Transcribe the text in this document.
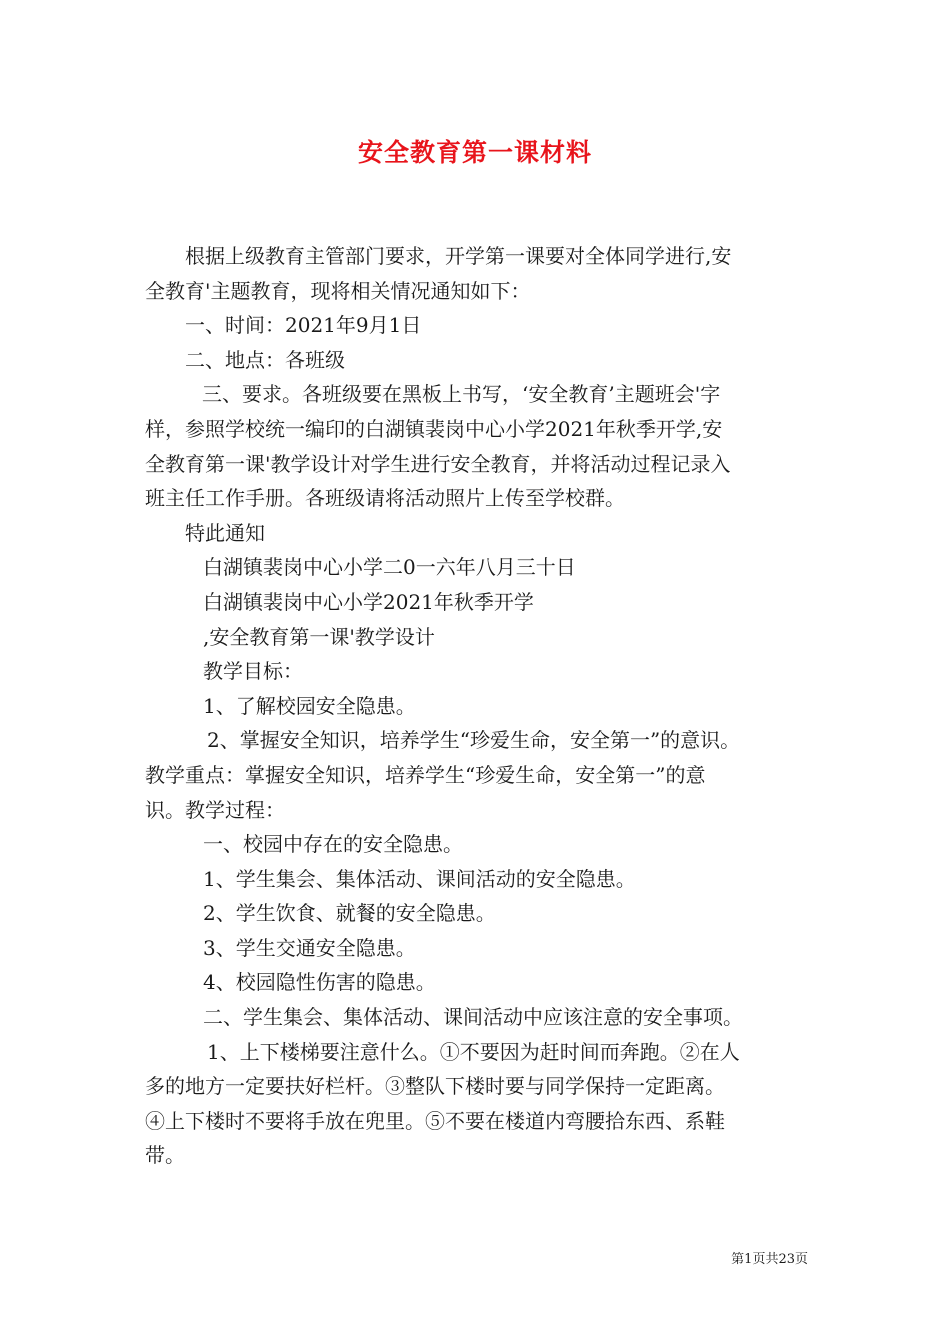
安全教育第一课材料

根据上级教育主管部门要求，开学第一课要对全体同学进行,安

全教育'主题教育，现将相关情况通知如下：

一、时间：2021年9月1日

二、地点：各班级

三、要求。各班级要在黑板上书写，‘安全教育’主题班会'字

样，参照学校统一编印的白湖镇裴岗中心小学2021年秋季开学,安

全教育第一课'教学设计对学生进行安全教育，并将活动过程记录入

班主任工作手册。各班级请将活动照片上传至学校群。

特此通知

白湖镇裴岗中心小学二0一六年八月三十日

白湖镇裴岗中心小学2021年秋季开学

,安全教育第一课'教学设计

教学目标：

1、了解校园安全隐患。

2、掌握安全知识，培养学生“珍爱生命，安全第一”的意识。

教学重点：掌握安全知识，培养学生“珍爱生命，安全第一”的意

识。教学过程：

一、校园中存在的安全隐患。

1、学生集会、集体活动、课间活动的安全隐患。

2、学生饮食、就餐的安全隐患。

3、学生交通安全隐患。

4、校园隐性伤害的隐患。

二、学生集会、集体活动、课间活动中应该注意的安全事项。

1、上下楼梯要注意什么。①不要因为赶时间而奔跑。②在人

多的地方一定要扶好栏杆。③整队下楼时要与同学保持一定距离。

④上下楼时不要将手放在兜里。⑤不要在楼道内弯腰拾东西、系鞋

带。

第1页共23页
